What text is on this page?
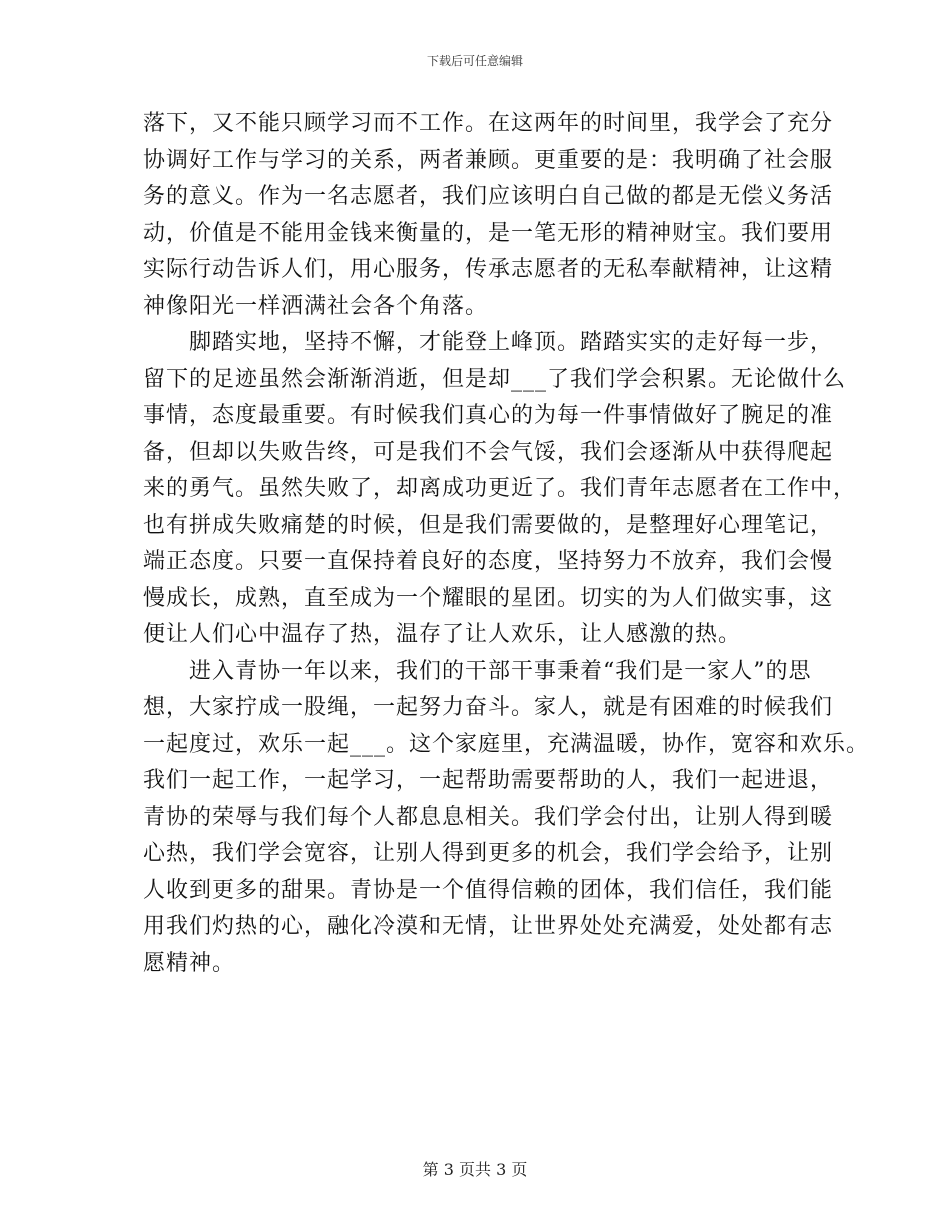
下载后可任意编辑
落下，又不能只顾学习而不工作。在这两年的时间里，我学会了充分
协调好工作与学习的关系，两者兼顾。更重要的是：我明确了社会服
务的意义。作为一名志愿者，我们应该明白自己做的都是无偿义务活
动，价值是不能用金钱来衡量的，是一笔无形的精神财宝。我们要用
实际行动告诉人们，用心服务，传承志愿者的无私奉献精神，让这精
神像阳光一样洒满社会各个角落。
脚踏实地，坚持不懈，才能登上峰顶。踏踏实实的走好每一步，
留下的足迹虽然会渐渐消逝，但是却___了我们学会积累。无论做什么
事情，态度最重要。有时候我们真心的为每一件事情做好了腕足的准
备，但却以失败告终，可是我们不会气馁，我们会逐渐从中获得爬起
来的勇气。虽然失败了，却离成功更近了。我们青年志愿者在工作中，
也有拼成失败痛楚的时候，但是我们需要做的，是整理好心理笔记，
端正态度。只要一直保持着良好的态度，坚持努力不放弃，我们会慢
慢成长，成熟，直至成为一个耀眼的星团。切实的为人们做实事，这
便让人们心中温存了热，温存了让人欢乐，让人感激的热。
进入青协一年以来，我们的干部干事秉着“我们是一家人”的思
想，大家拧成一股绳，一起努力奋斗。家人，就是有困难的时候我们
一起度过，欢乐一起___。这个家庭里，充满温暖，协作，宽容和欢乐。
我们一起工作，一起学习，一起帮助需要帮助的人，我们一起进退，
青协的荣辱与我们每个人都息息相关。我们学会付出，让别人得到暖
心热，我们学会宽容，让别人得到更多的机会，我们学会给予，让别
人收到更多的甜果。青协是一个值得信赖的团体，我们信任，我们能
用我们灼热的心，融化冷漠和无情，让世界处处充满爱，处处都有志
愿精神。
第 3 页共 3 页
